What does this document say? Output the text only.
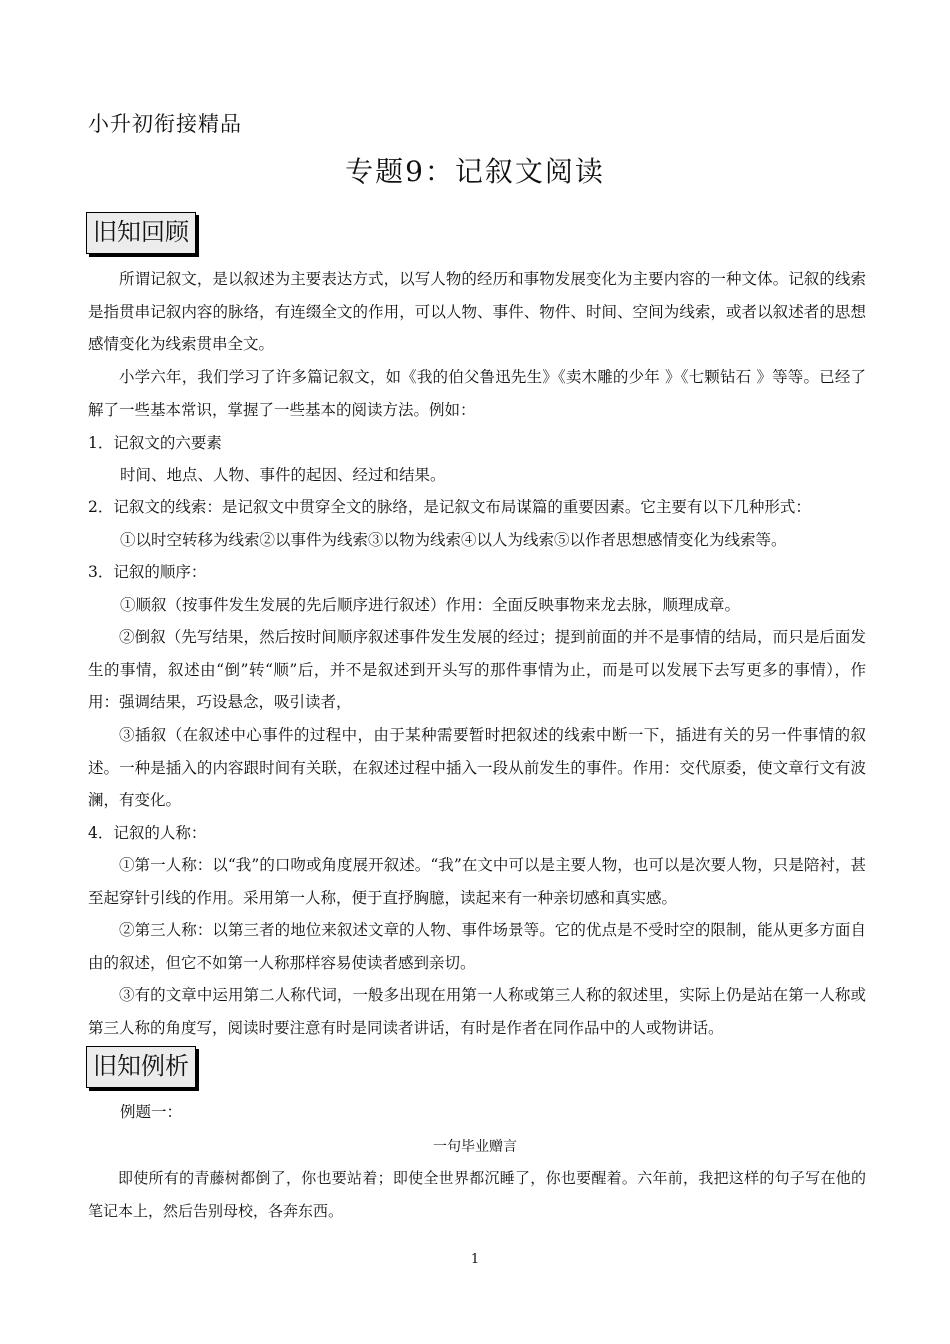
小升初衔接精品
专题9：记叙文阅读
旧知回顾
所谓记叙文，是以叙述为主要表达方式，以写人物的经历和事物发展变化为主要内容的一种文体。记叙的线索是指贯串记叙内容的脉络，有连缀全文的作用，可以人物、事件、物件、时间、空间为线索，或者以叙述者的思想感情变化为线索贯串全文。
小学六年，我们学习了许多篇记叙文，如《我的伯父鲁迅先生》《卖木雕的少年 》《七颗钻石 》等等。已经了解了一些基本常识，掌握了一些基本的阅读方法。例如：
1．记叙文的六要素
时间、地点、人物、事件的起因、经过和结果。
2．记叙文的线索：是记叙文中贯穿全文的脉络，是记叙文布局谋篇的重要因素。它主要有以下几种形式：
①以时空转移为线索②以事件为线索③以物为线索④以人为线索⑤以作者思想感情变化为线索等。
3．记叙的顺序：
①顺叙（按事件发生发展的先后顺序进行叙述）作用：全面反映事物来龙去脉，顺理成章。
②倒叙（先写结果，然后按时间顺序叙述事件发生发展的经过；提到前面的并不是事情的结局，而只是后面发生的事情，叙述由“倒”转“顺”后，并不是叙述到开头写的那件事情为止，而是可以发展下去写更多的事情），作用：强调结果，巧设悬念，吸引读者，
③插叙（在叙述中心事件的过程中，由于某种需要暂时把叙述的线索中断一下，插进有关的另一件事情的叙述。一种是插入的内容跟时间有关联，在叙述过程中插入一段从前发生的事件。作用：交代原委，使文章行文有波澜，有变化。
4．记叙的人称：
①第一人称：以“我”的口吻或角度展开叙述。“我”在文中可以是主要人物，也可以是次要人物，只是陪衬，甚至起穿针引线的作用。采用第一人称，便于直抒胸臆，读起来有一种亲切感和真实感。
②第三人称：以第三者的地位来叙述文章的人物、事件场景等。它的优点是不受时空的限制，能从更多方面自由的叙述，但它不如第一人称那样容易使读者感到亲切。
③有的文章中运用第二人称代词，一般多出现在用第一人称或第三人称的叙述里，实际上仍是站在第一人称或第三人称的角度写，阅读时要注意有时是同读者讲话，有时是作者在同作品中的人或物讲话。
旧知例析
例题一：
一句毕业赠言
即使所有的青藤树都倒了，你也要站着；即使全世界都沉睡了，你也要醒着。六年前，我把这样的句子写在他的笔记本上，然后告别母校，各奔东西。
1
